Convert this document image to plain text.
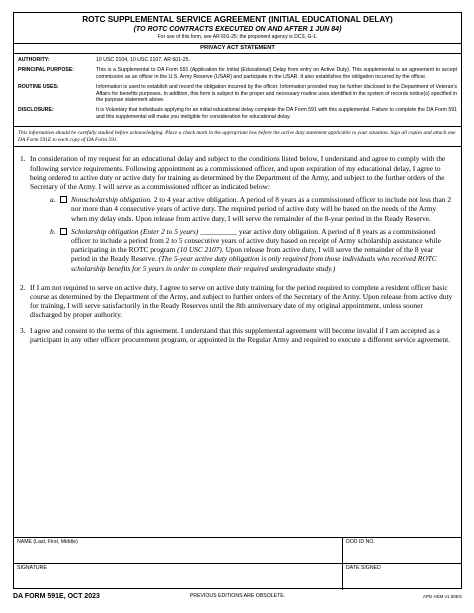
ROTC SUPPLEMENTAL SERVICE AGREEMENT (INITIAL EDUCATIONAL DELAY)
(TO ROTC CONTRACTS EXECUTED ON AND AFTER 1 JUN 84)
For use of this form, see AR 601-25; the proponent agency is DCS, G-1.
PRIVACY ACT STATEMENT
AUTHORITY:	10 USC 2104, 10 USC 2107, AR 601-25.
PRINCIPAL PURPOSE:	This is a Supplemental to DA Form 591 (Application for Initial (Educational) Delay from entry on Active Duty). This supplemental is an agreement to accept commission as an officer in the U.S. Army Reserve (USAR) and participate in the USAR. It also establishes the obligation incurred by the officer.
ROUTINE USES:	Information is used to establish and record the obligation incurred by the officer. Information provided may be further disclosed to the Department of Veteran's Affairs for benefits purposes. In addition, this form is subject to the proper and necessary routine uses identified in the system of records notice(s) specified in the purpose statement above.
DISCLOSURE:	It is Voluntary that individuals applying for an initial educational delay complete the DA Form 591 with this supplemental. Failure to complete the DA Form 591 and this supplemental will make you ineligible for consideration for educational delay.
This information should be carefully studied before acknowledging. Place a check mark in the appropriate box before the active duty statement applicable to your situation. Sign all copies and attach one DA Form 591E to each copy of DA Form 591.
1. In consideration of my request for an educational delay and subject to the conditions listed below, I understand and agree to comply with the following service requirements. Following appointment as a commissioned officer, and upon expiration of my educational delay, I agree to being ordered to active duty or active duty for training as determined by the Department of the Army, and subject to the further orders of the Secretary of the Army. I will serve as a commissioned officer as indicated below:
a.	Nonscholarship obligation. 2 to 4 year active obligation. A period of 8 years as a commissioned officer to include not less than 2 nor more than 4 consecutive years of active duty. The required period of active duty will be based on the needs of the Army when my delay ends. Upon release from active duty, I will serve the remainder of the 8-year period in the Ready Reserve.
b.	Scholarship obligation (Enter 2 to 5 years) __________ year active duty obligation. A period of 8 years as a commissioned officer to include a period from 2 to 5 consecutive years of active duty based on receipt of Army scholarship assistance while participating in the ROTC program (10 USC 2107). Upon release from active duty, I will serve the remainder of the 8 year period in the Ready Reserve. (The 5-year active duty obligation is only required from those individuals who received ROTC scholarship benefits for 5 years in order to complete their required undergraduate study.)
2. If I am not required to serve on active duty, I agree to serve on active duty training for the period required to complete a resident officer basic course as determined by the Department of the Army, and subject to further orders of the Secretary of the Army. Upon release from active duty for training, I will serve satisfactorily in the Ready Reserves until the 8th anniversary date of my original appointment, unless sooner discharged by proper authority.
3. I agree and consent to the terms of this agreement. I understand that this supplemental agreement will become invalid if I am accepted as a participant in any other officer procurement program, or appointed in the Regular Army and required to execute a different service agreement.
NAME (Last, First, Middle)	DOD ID NO.
SIGNATURE	DATE SIGNED
DA FORM 591E, OCT 2023	PREVIOUS EDITIONS ARE OBSOLETE.	APD AEM v1.00ES
